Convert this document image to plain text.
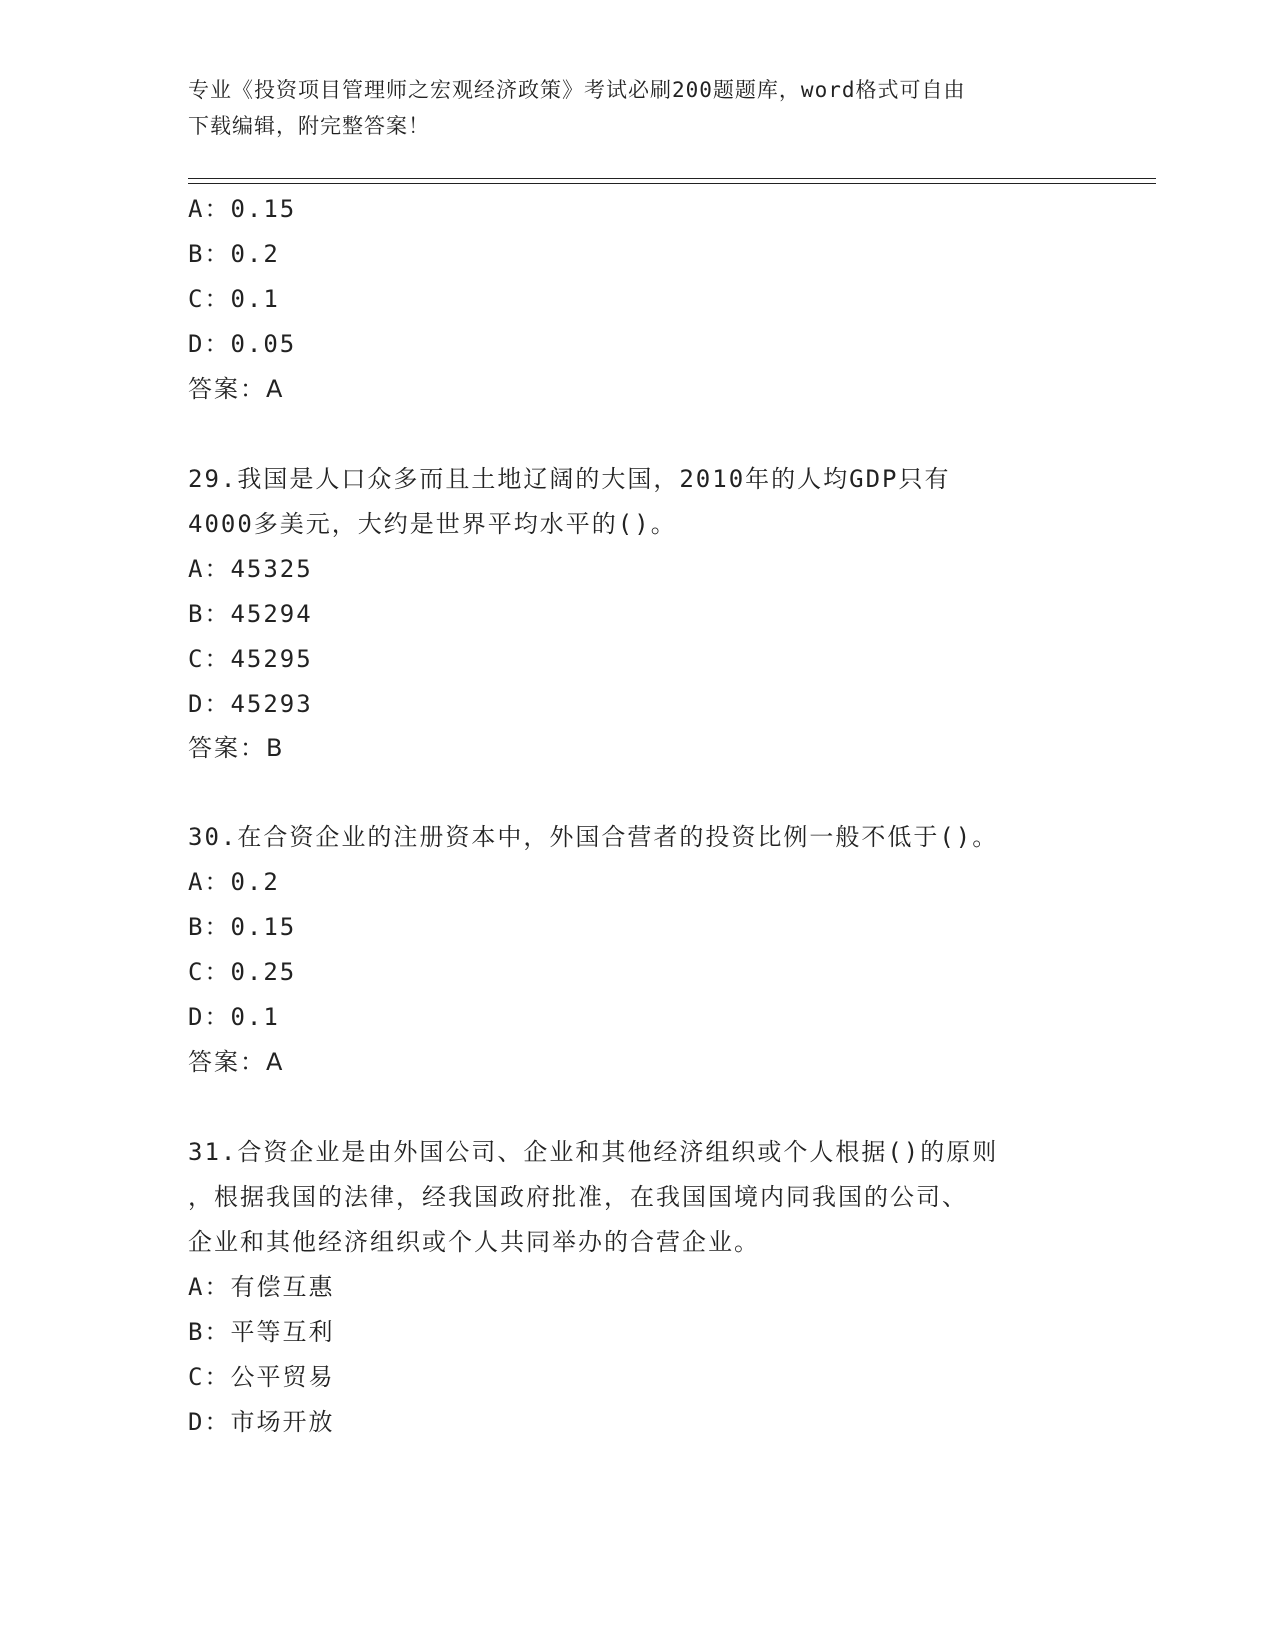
专业《投资项目管理师之宏观经济政策》考试必刷200题题库，word格式可自由
下载编辑，附完整答案！
A：0.15
B：0.2
C：0.1
D：0.05
答案：A
29.我国是人口众多而且土地辽阔的大国，2010年的人均GDP只有
4000多美元，大约是世界平均水平的()。
A：45325
B：45294
C：45295
D：45293
答案：B
30.在合资企业的注册资本中，外国合营者的投资比例一般不低于()。
A：0.2
B：0.15
C：0.25
D：0.1
答案：A
31.合资企业是由外国公司、企业和其他经济组织或个人根据()的原则
，根据我国的法律，经我国政府批准，在我国国境内同我国的公司、
企业和其他经济组织或个人共同举办的合营企业。
A：有偿互惠
B：平等互利
C：公平贸易
D：市场开放
